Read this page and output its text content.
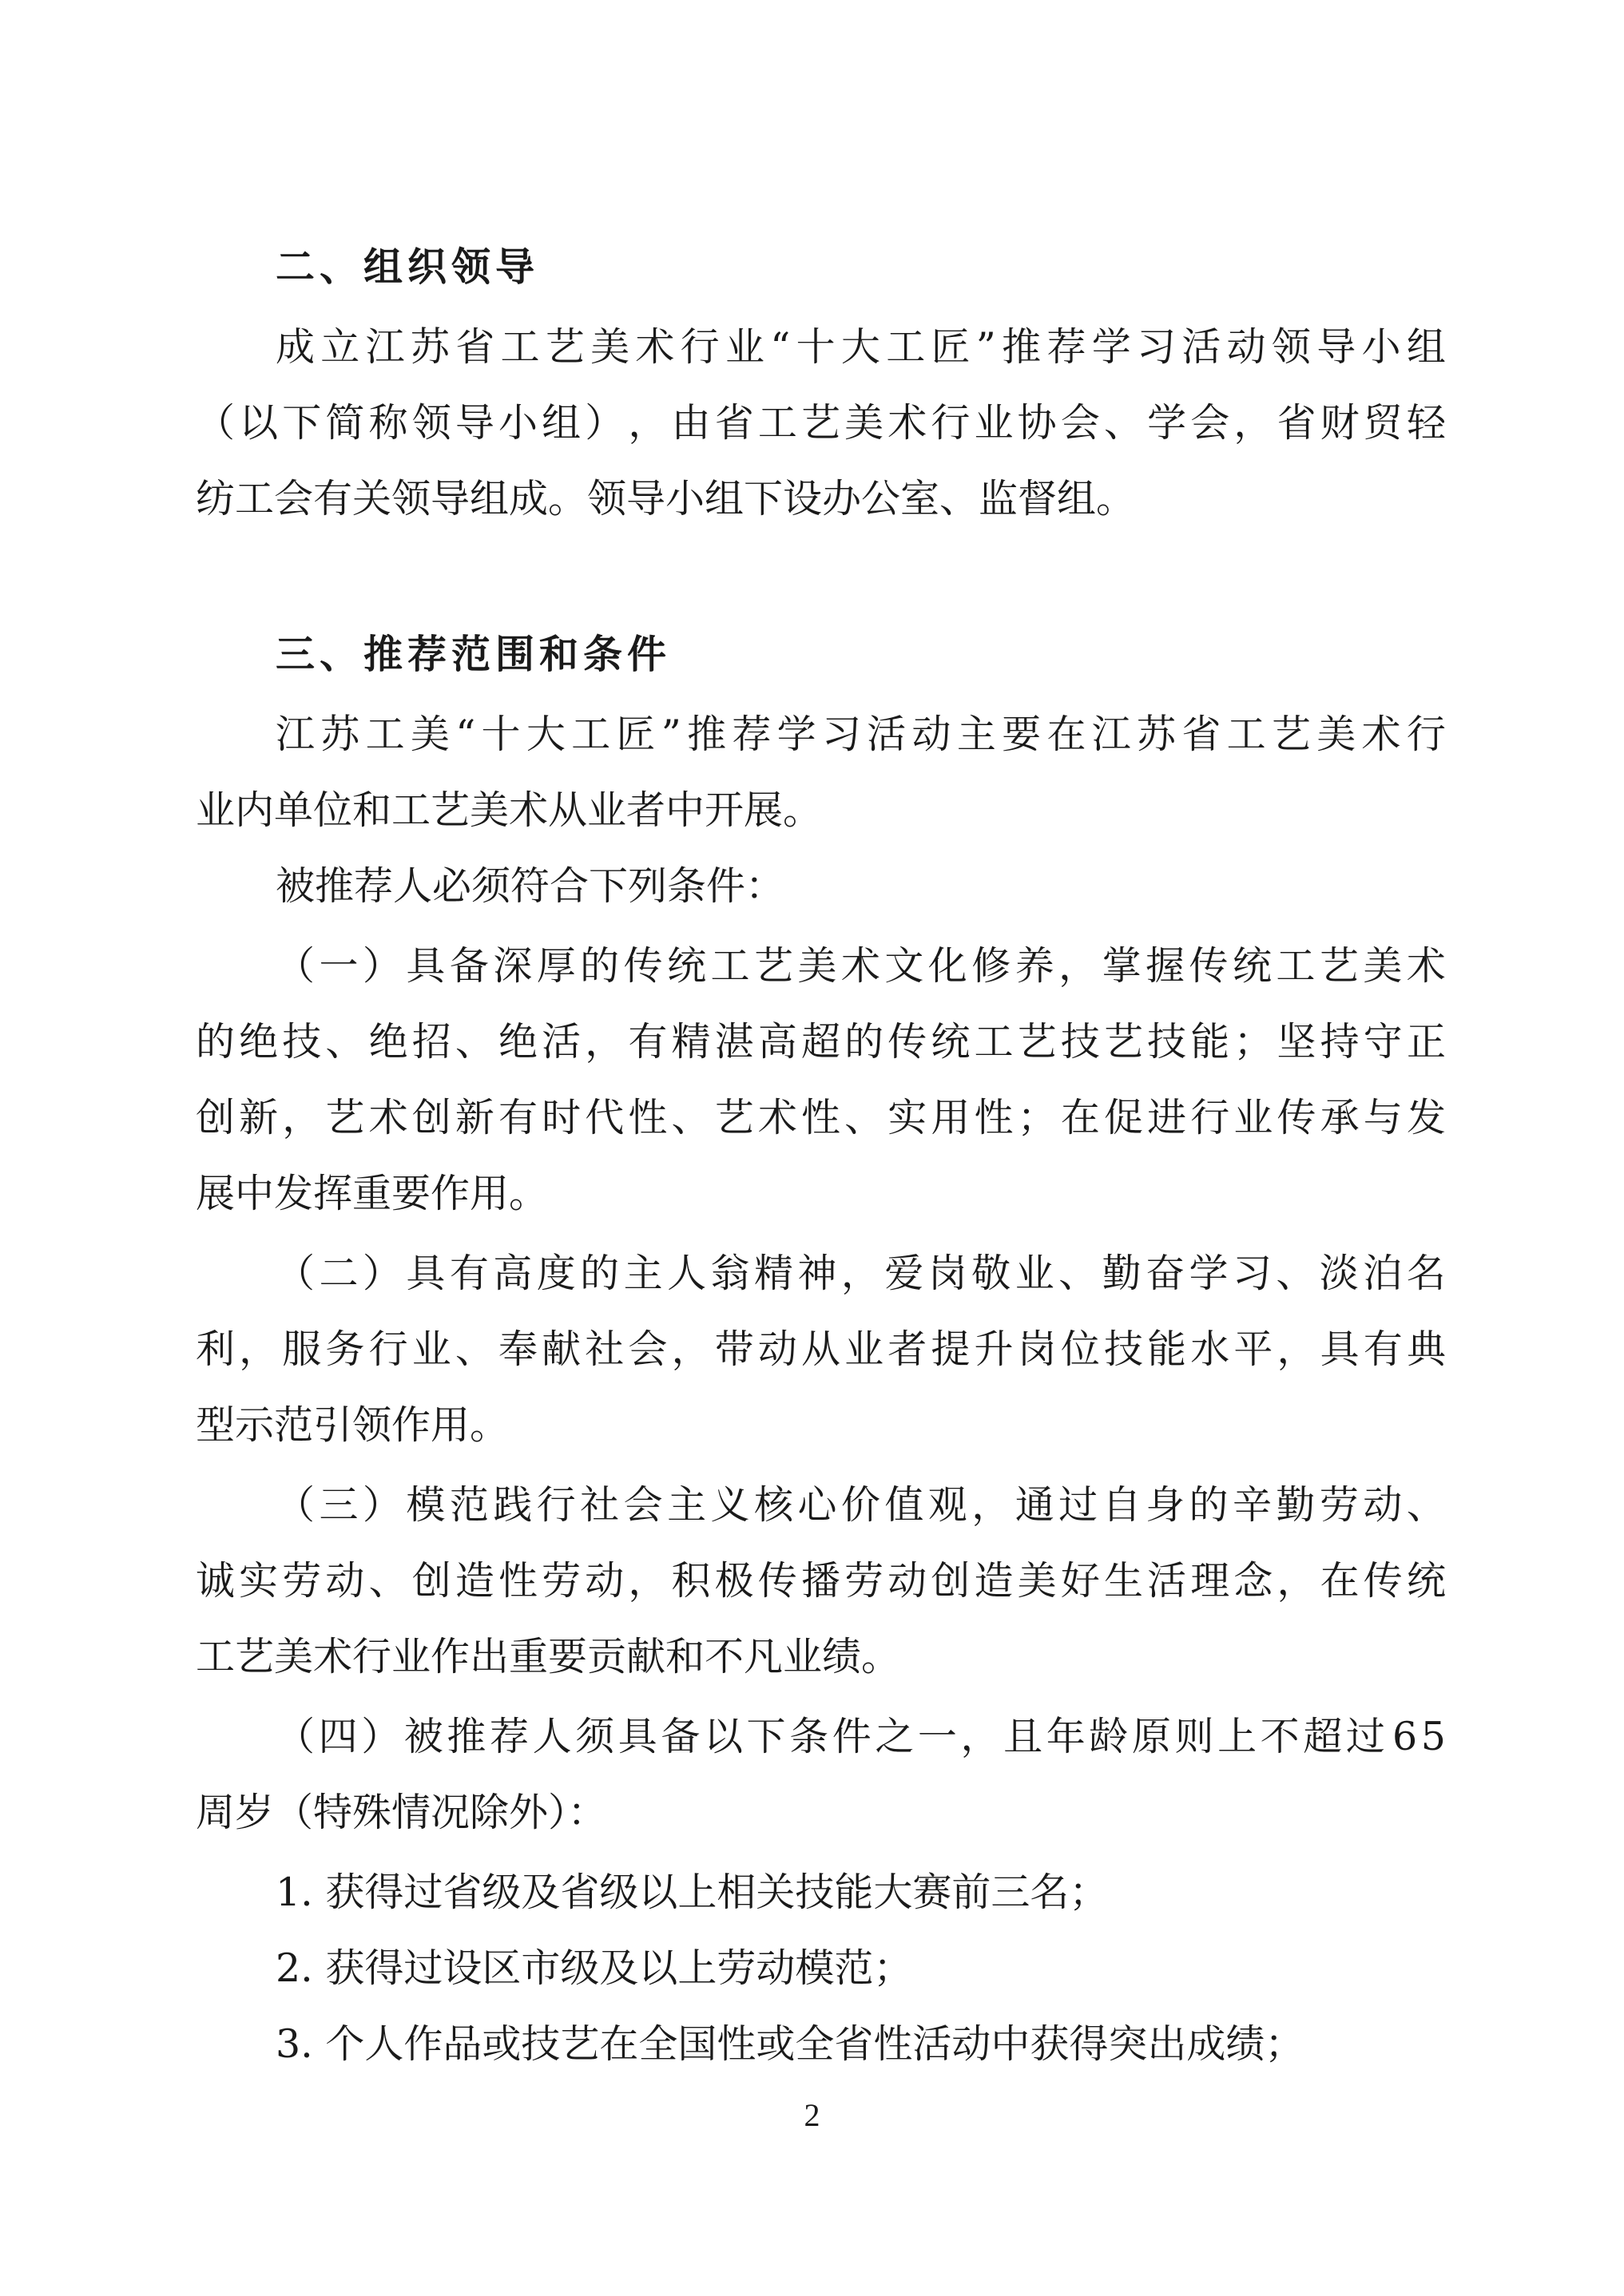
二、组织领导
成 立 江 苏 省 工 艺 美 术 行 业 “ 十 大 工 匠 ” 推 荐 学 习 活 动 领 导 小 组
（ 以 下 简 称 领 导 小 组 ） ， 由 省 工 艺 美 术 行 业 协 会 、 学 会 ， 省 财 贸 轻
纺工会有关领导组成。领导小组下设办公室、监督组。
三、推荐范围和条件
江 苏 工 美 “ 十 大 工 匠 ” 推 荐 学 习 活 动 主 要 在 江 苏 省 工 艺 美 术 行
业内单位和工艺美术从业者中开展。
被推荐人必须符合下列条件：
（ 一 ） 具 备 深 厚 的 传 统 工 艺 美 术 文 化 修 养 ， 掌 握 传 统 工 艺 美 术
的 绝 技 、 绝 招 、 绝 活 ， 有 精 湛 高 超 的 传 统 工 艺 技 艺 技 能 ； 坚 持 守 正
创 新 ， 艺 术 创 新 有 时 代 性 、 艺 术 性 、 实 用 性 ； 在 促 进 行 业 传 承 与 发
展中发挥重要作用。
（ 二 ） 具 有 高 度 的 主 人 翁 精 神 ， 爱 岗 敬 业 、 勤 奋 学 习 、 淡 泊 名
利 ， 服 务 行 业 、 奉 献 社 会 ， 带 动 从 业 者 提 升 岗 位 技 能 水 平 ， 具 有 典
型示范引领作用。
（ 三 ） 模 范 践 行 社 会 主 义 核 心 价 值 观 ， 通 过 自 身 的 辛 勤 劳 动 、
诚 实 劳 动 、 创 造 性 劳 动 ， 积 极 传 播 劳 动 创 造 美 好 生 活 理 念 ， 在 传 统
工艺美术行业作出重要贡献和不凡业绩。
（ 四 ） 被 推 荐 人 须 具 备 以 下 条 件 之 一 ， 且 年 龄 原 则 上 不 超 过 6 5
周岁（特殊情况除外）：
1. 获得过省级及省级以上相关技能大赛前三名；
2. 获得过设区市级及以上劳动模范；
3. 个人作品或技艺在全国性或全省性活动中获得突出成绩；
2
